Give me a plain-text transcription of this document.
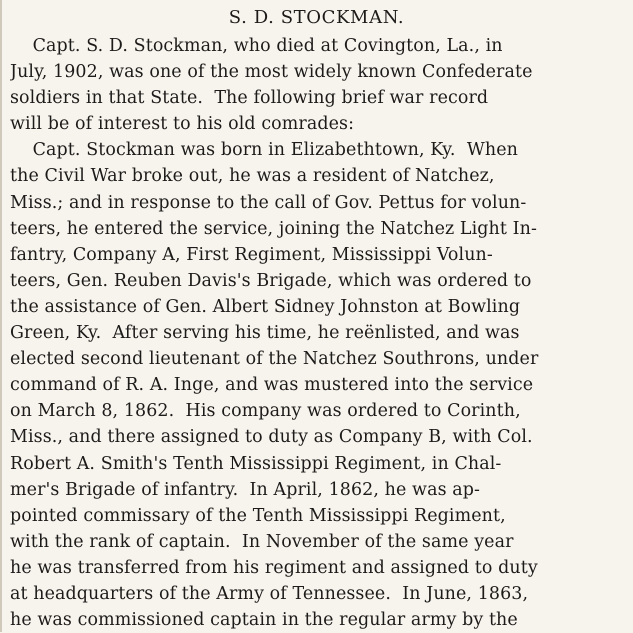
S. D. STOCKMAN.
Capt. S. D. Stockman, who died at Covington, La., in
July, 1902, was one of the most widely known Confederate
soldiers in that State.  The following brief war record
will be of interest to his old comrades:
Capt. Stockman was born in Elizabethtown, Ky.  When
the Civil War broke out, he was a resident of Natchez,
Miss.; and in response to the call of Gov. Pettus for volun-
teers, he entered the service, joining the Natchez Light In-
fantry, Company A, First Regiment, Mississippi Volun-
teers, Gen. Reuben Davis's Brigade, which was ordered to
the assistance of Gen. Albert Sidney Johnston at Bowling
Green, Ky.  After serving his time, he reënlisted, and was
elected second lieutenant of the Natchez Southrons, under
command of R. A. Inge, and was mustered into the service
on March 8, 1862.  His company was ordered to Corinth,
Miss., and there assigned to duty as Company B, with Col.
Robert A. Smith's Tenth Mississippi Regiment, in Chal-
mer's Brigade of infantry.  In April, 1862, he was ap-
pointed commissary of the Tenth Mississippi Regiment,
with the rank of captain.  In November of the same year
he was transferred from his regiment and assigned to duty
at headquarters of the Army of Tennessee.  In June, 1863,
he was commissioned captain in the regular army by the
